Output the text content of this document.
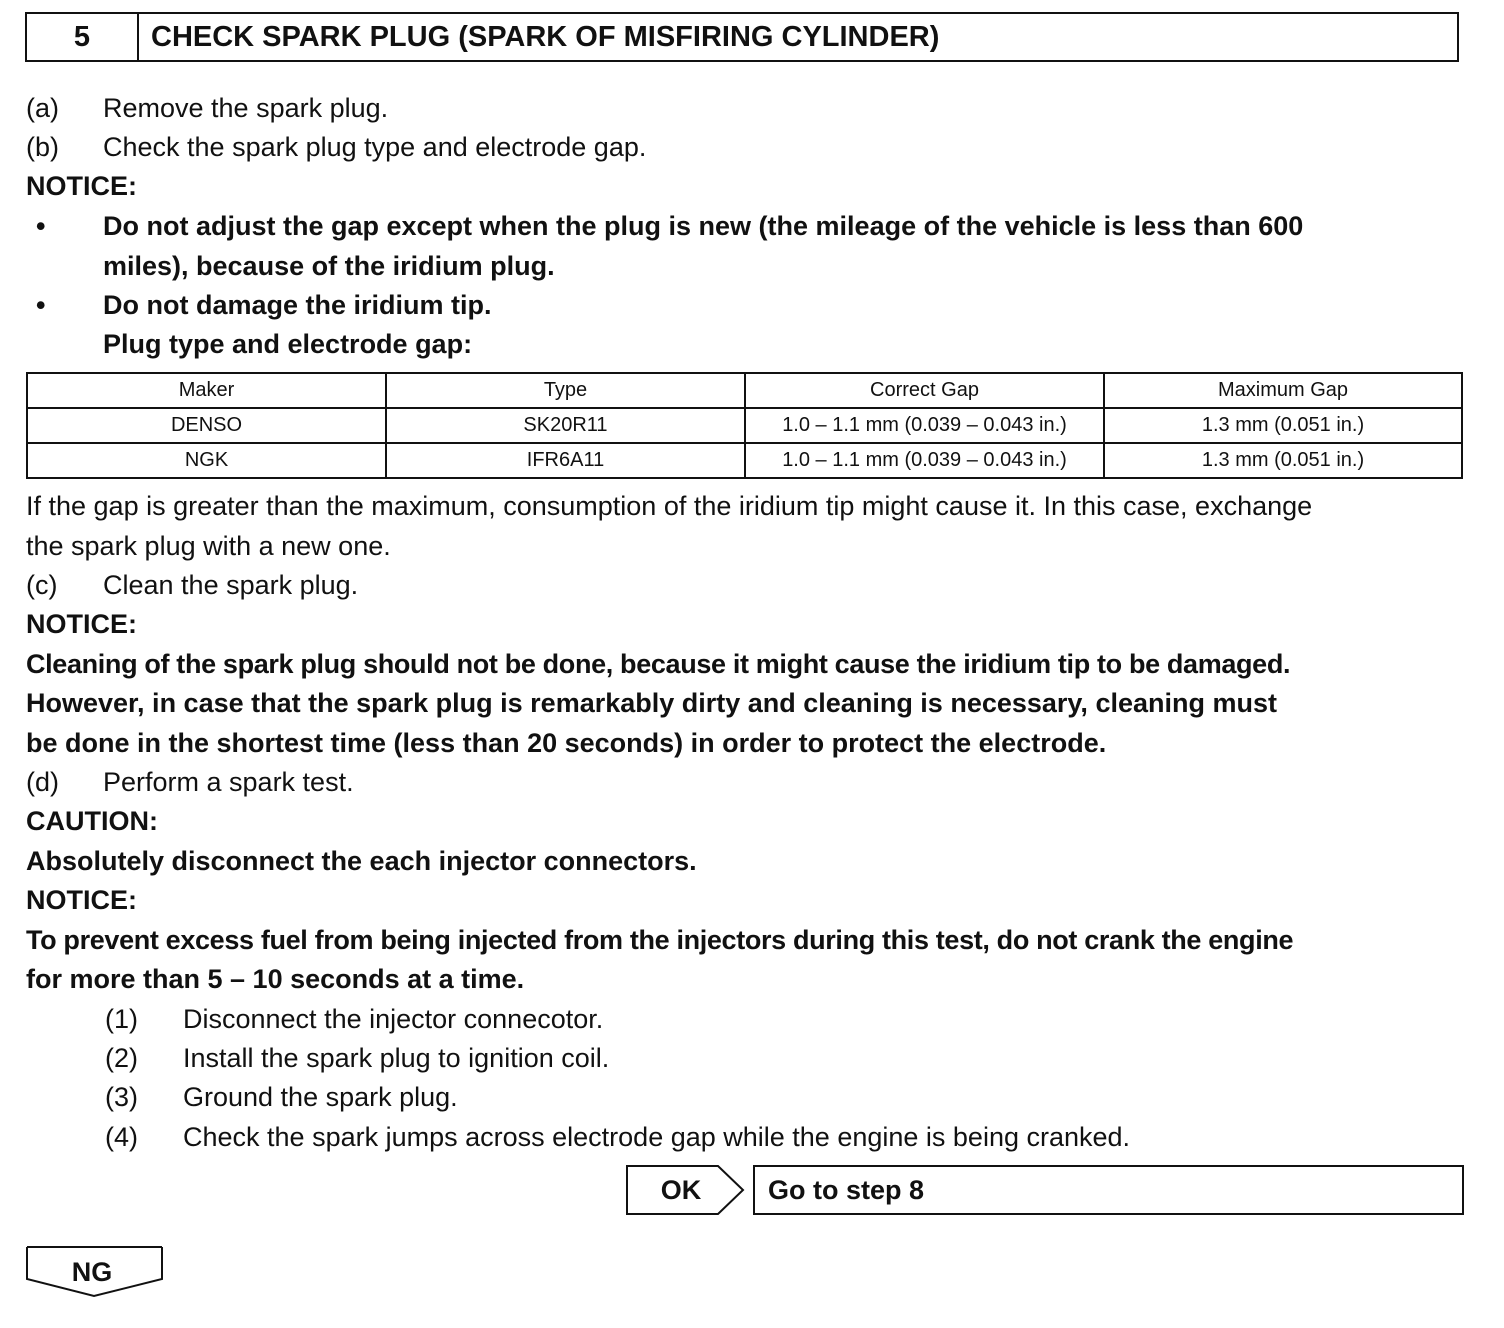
5	CHECK SPARK PLUG (SPARK OF MISFIRING CYLINDER)
(a) Remove the spark plug.
(b) Check the spark plug type and electrode gap.
NOTICE:
• Do not adjust the gap except when the plug is new (the mileage of the vehicle is less than 600
miles), because of the iridium plug.
• Do not damage the iridium tip.
Plug type and electrode gap:
Maker	Type	Correct Gap	Maximum Gap
DENSO	SK20R11	1.0 – 1.1 mm (0.039 – 0.043 in.)	1.3 mm (0.051 in.)
NGK	IFR6A11	1.0 – 1.1 mm (0.039 – 0.043 in.)	1.3 mm (0.051 in.)
If the gap is greater than the maximum, consumption of the iridium tip might cause it. In this case, exchange
the spark plug with a new one.
(c) Clean the spark plug.
NOTICE:
Cleaning of the spark plug should not be done, because it might cause the iridium tip to be damaged.
However, in case that the spark plug is remarkably dirty and cleaning is necessary, cleaning must
be done in the shortest time (less than 20 seconds) in order to protect the electrode.
(d) Perform a spark test.
CAUTION:
Absolutely disconnect the each injector connectors.
NOTICE:
To prevent excess fuel from being injected from the injectors during this test, do not crank the engine
for more than 5 – 10 seconds at a time.
(1) Disconnect the injector connecotor.
(2) Install the spark plug to ignition coil.
(3) Ground the spark plug.
(4) Check the spark jumps across electrode gap while the engine is being cranked.
OK	Go to step 8
NG
